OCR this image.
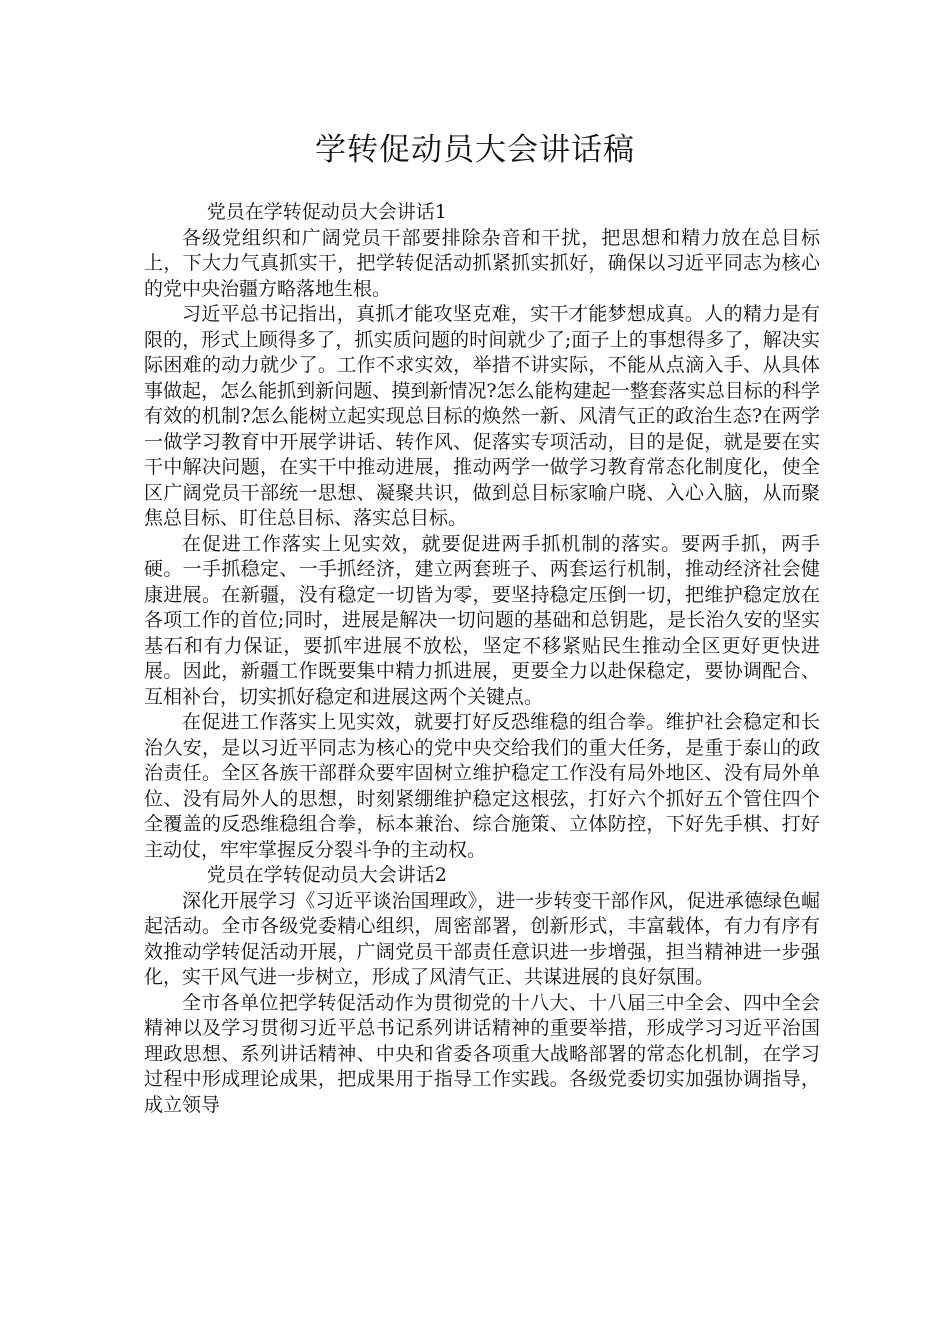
学转促动员大会讲话稿

党员在学转促动员大会讲话1

各级党组织和广阔党员干部要排除杂音和干扰，把思想和精力放在总目标上，下大力气真抓实干，把学转促活动抓紧抓实抓好，确保以习近平同志为核心的党中央治疆方略落地生根。

习近平总书记指出，真抓才能攻坚克难，实干才能梦想成真。人的精力是有限的，形式上顾得多了，抓实质问题的时间就少了;面子上的事想得多了，解决实际困难的动力就少了。工作不求实效，举措不讲实际，不能从点滴入手、从具体事做起，怎么能抓到新问题、摸到新情况?怎么能构建起一整套落实总目标的科学有效的机制?怎么能树立起实现总目标的焕然一新、风清气正的政治生态?在两学一做学习教育中开展学讲话、转作风、促落实专项活动，目的是促，就是要在实干中解决问题，在实干中推动进展，推动两学一做学习教育常态化制度化，使全区广阔党员干部统一思想、凝聚共识，做到总目标家喻户晓、入心入脑，从而聚焦总目标、盯住总目标、落实总目标。

在促进工作落实上见实效，就要促进两手抓机制的落实。要两手抓，两手硬。一手抓稳定、一手抓经济，建立两套班子、两套运行机制，推动经济社会健康进展。在新疆，没有稳定一切皆为零，要坚持稳定压倒一切，把维护稳定放在各项工作的首位;同时，进展是解决一切问题的基础和总钥匙，是长治久安的坚实基石和有力保证，要抓牢进展不放松，坚定不移紧贴民生推动全区更好更快进展。因此，新疆工作既要集中精力抓进展，更要全力以赴保稳定，要协调配合、互相补台，切实抓好稳定和进展这两个关键点。

在促进工作落实上见实效，就要打好反恐维稳的组合拳。维护社会稳定和长治久安，是以习近平同志为核心的党中央交给我们的重大任务，是重于泰山的政治责任。全区各族干部群众要牢固树立维护稳定工作没有局外地区、没有局外单位、没有局外人的思想，时刻紧绷维护稳定这根弦，打好六个抓好五个管住四个全覆盖的反恐维稳组合拳，标本兼治、综合施策、立体防控，下好先手棋、打好主动仗，牢牢掌握反分裂斗争的主动权。

党员在学转促动员大会讲话2

深化开展学习《习近平谈治国理政》，进一步转变干部作风，促进承德绿色崛起活动。全市各级党委精心组织，周密部署，创新形式，丰富载体，有力有序有效推动学转促活动开展，广阔党员干部责任意识进一步增强，担当精神进一步强化，实干风气进一步树立，形成了风清气正、共谋进展的良好氛围。

全市各单位把学转促活动作为贯彻党的十八大、十八届三中全会、四中全会精神以及学习贯彻习近平总书记系列讲话精神的重要举措，形成学习习近平治国理政思想、系列讲话精神、中央和省委各项重大战略部署的常态化机制，在学习过程中形成理论成果，把成果用于指导工作实践。各级党委切实加强协调指导，成立领导
